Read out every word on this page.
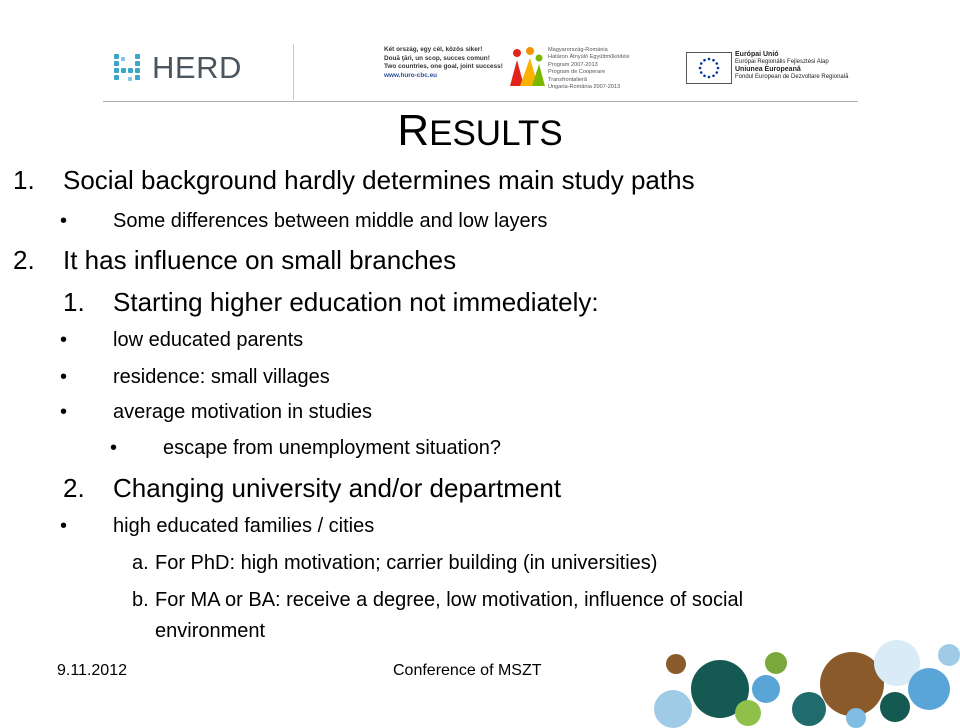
HERD
Két ország, egy cél, közös siker!
Două ţări, un scop, succes comun!
Two countries, one goal, joint success!
www.huro-cbc.eu
Magyarország-Románia
Határon Átnyúló Együttműködési
Program 2007-2013
Program de Cooperare
Transfrontalieră
Ungaria-România 2007-2013
Európai Unió
Európai Regionális Fejlesztési Alap
Uniunea Europeană
Fondul European de Dezvoltare Regională
RESULTS
1. Social background hardly determines main study paths
• Some differences between middle and low layers
2. It has influence on small branches
1. Starting higher education not immediately:
• low educated parents
• residence: small villages
• average motivation in studies
• escape from unemployment situation?
2. Changing university and/or department
• high educated families / cities
a. For PhD: high motivation; carrier building (in universities)
b. For MA or BA: receive a degree, low motivation, influence of social
environment
9.11.2012	Conference of MSZT
